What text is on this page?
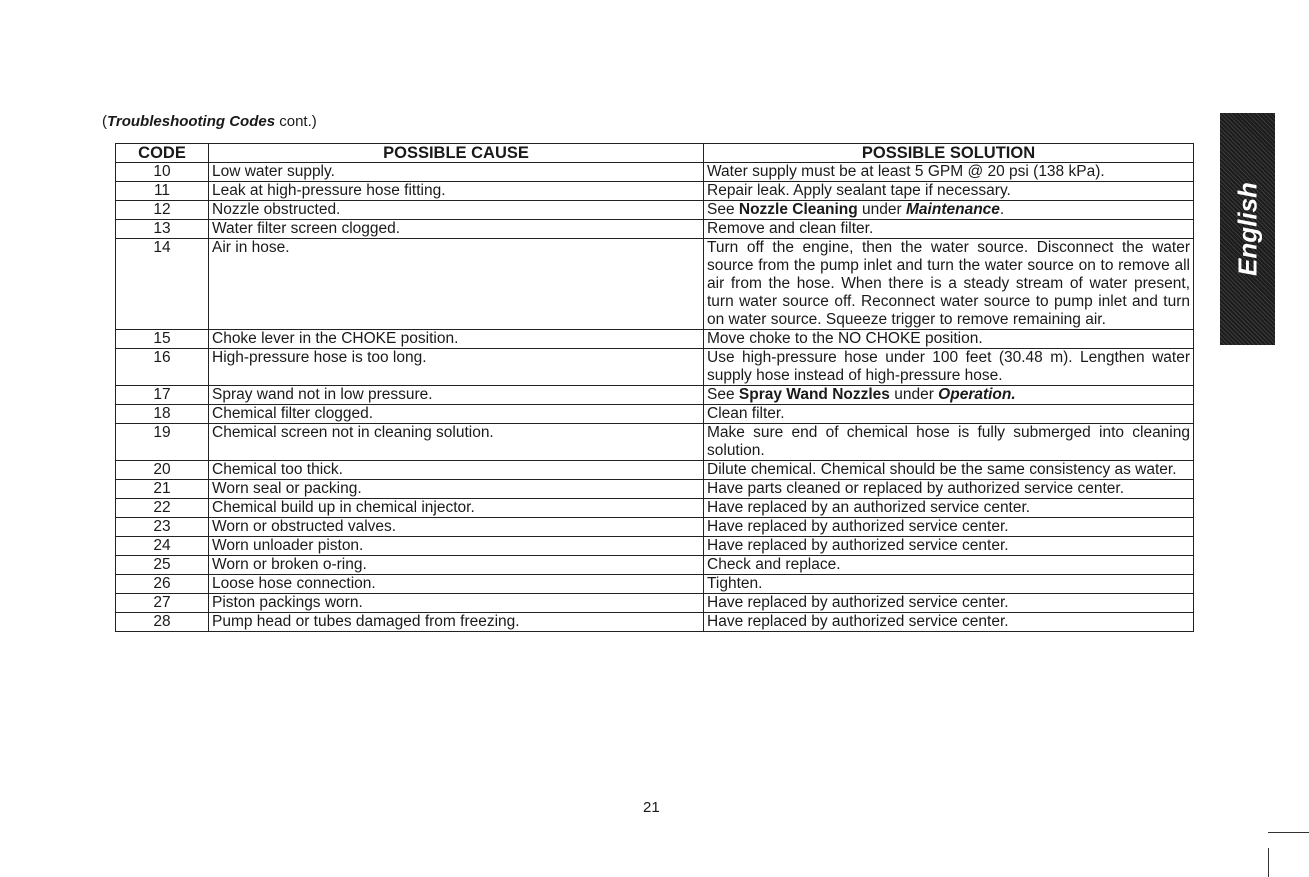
(Troubleshooting Codes cont.)
CODE	POSSIBLE CAUSE	POSSIBLE SOLUTION
10	Low water supply.	Water supply must be at least 5 GPM @ 20 psi (138 kPa).
11	Leak at high-pressure hose fitting.	Repair leak. Apply sealant tape if necessary.
12	Nozzle obstructed.	See Nozzle Cleaning under Maintenance.
13	Water filter screen clogged.	Remove and clean filter.
14	Air in hose.	Turn off the engine, then the water source. Disconnect the water source from the pump inlet and turn the water source on to remove all air from the hose. When there is a steady stream of water present, turn water source off. Reconnect water source to pump inlet and turn on water source. Squeeze trigger to remove remaining air.
15	Choke lever in the CHOKE position.	Move choke to the NO CHOKE position.
16	High-pressure hose is too long.	Use high-pressure hose under 100 feet (30.48 m). Lengthen water supply hose instead of high-pressure hose.
17	Spray wand not in low pressure.	See Spray Wand Nozzles under Operation.
18	Chemical filter clogged.	Clean filter.
19	Chemical screen not in cleaning solution.	Make sure end of chemical hose is fully submerged into cleaning solution.
20	Chemical too thick.	Dilute chemical. Chemical should be the same consistency as water.
21	Worn seal or packing.	Have parts cleaned or replaced by authorized service center.
22	Chemical build up in chemical injector.	Have replaced by an authorized service center.
23	Worn or obstructed valves.	Have replaced by authorized service center.
24	Worn unloader piston.	Have replaced by authorized service center.
25	Worn or broken o-ring.	Check and replace.
26	Loose hose connection.	Tighten.
27	Piston packings worn.	Have replaced by authorized service center.
28	Pump head or tubes damaged from freezing.	Have replaced by authorized service center.
21
English
